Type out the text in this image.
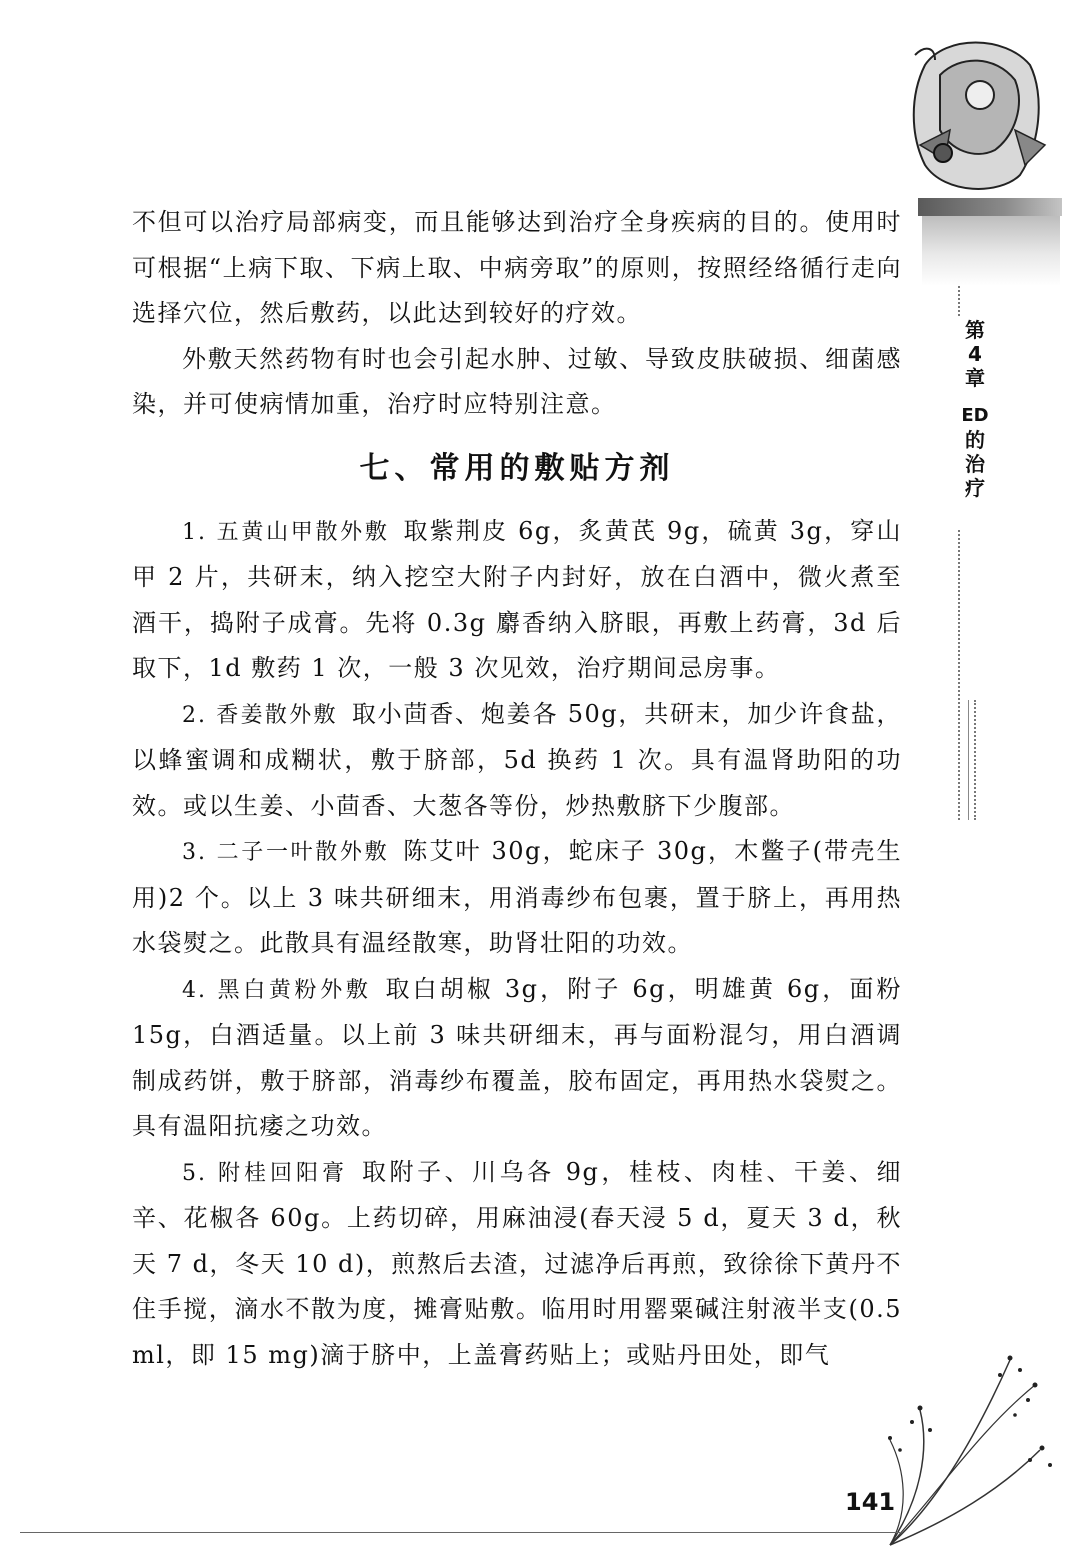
第
4
章
ED
的
治
疗

不但可以治疗局部病变，而且能够达到治疗全身疾病的目的。使用时可根据“上病下取、下病上取、中病旁取”的原则，按照经络循行走向选择穴位，然后敷药，以此达到较好的疗效。

外敷天然药物有时也会引起水肿、过敏、导致皮肤破损、细菌感染，并可使病情加重，治疗时应特别注意。

七、常用的敷贴方剂

1. 五黄山甲散外敷 取紫荆皮 6g，炙黄芪 9g，硫黄 3g，穿山甲 2 片，共研末，纳入挖空大附子内封好，放在白酒中，微火煮至酒干，捣附子成膏。先将 0.3g 麝香纳入脐眼，再敷上药膏，3d 后取下，1d 敷药 1 次，一般 3 次见效，治疗期间忌房事。

2. 香姜散外敷 取小茴香、炮姜各 50g，共研末，加少许食盐，以蜂蜜调和成糊状，敷于脐部，5d 换药 1 次。具有温肾助阳的功效。或以生姜、小茴香、大葱各等份，炒热敷脐下少腹部。

3. 二子一叶散外敷 陈艾叶 30g，蛇床子 30g，木鳖子(带壳生用)2 个。以上 3 味共研细末，用消毒纱布包裹，置于脐上，再用热水袋熨之。此散具有温经散寒，助肾壮阳的功效。

4. 黑白黄粉外敷 取白胡椒 3g，附子 6g，明雄黄 6g，面粉 15g，白酒适量。以上前 3 味共研细末，再与面粉混匀，用白酒调制成药饼，敷于脐部，消毒纱布覆盖，胶布固定，再用热水袋熨之。具有温阳抗痿之功效。

5. 附桂回阳膏 取附子、川乌各 9g，桂枝、肉桂、干姜、细辛、花椒各 60g。上药切碎，用麻油浸(春天浸 5 d，夏天 3 d，秋天 7 d，冬天 10 d)，煎熬后去渣，过滤净后再煎，致徐徐下黄丹不住手搅，滴水不散为度，摊膏贴敷。临用时用罂粟碱注射液半支(0.5 ml，即 15 mg)滴于脐中，上盖膏药贴上；或贴丹田处，即气

141
